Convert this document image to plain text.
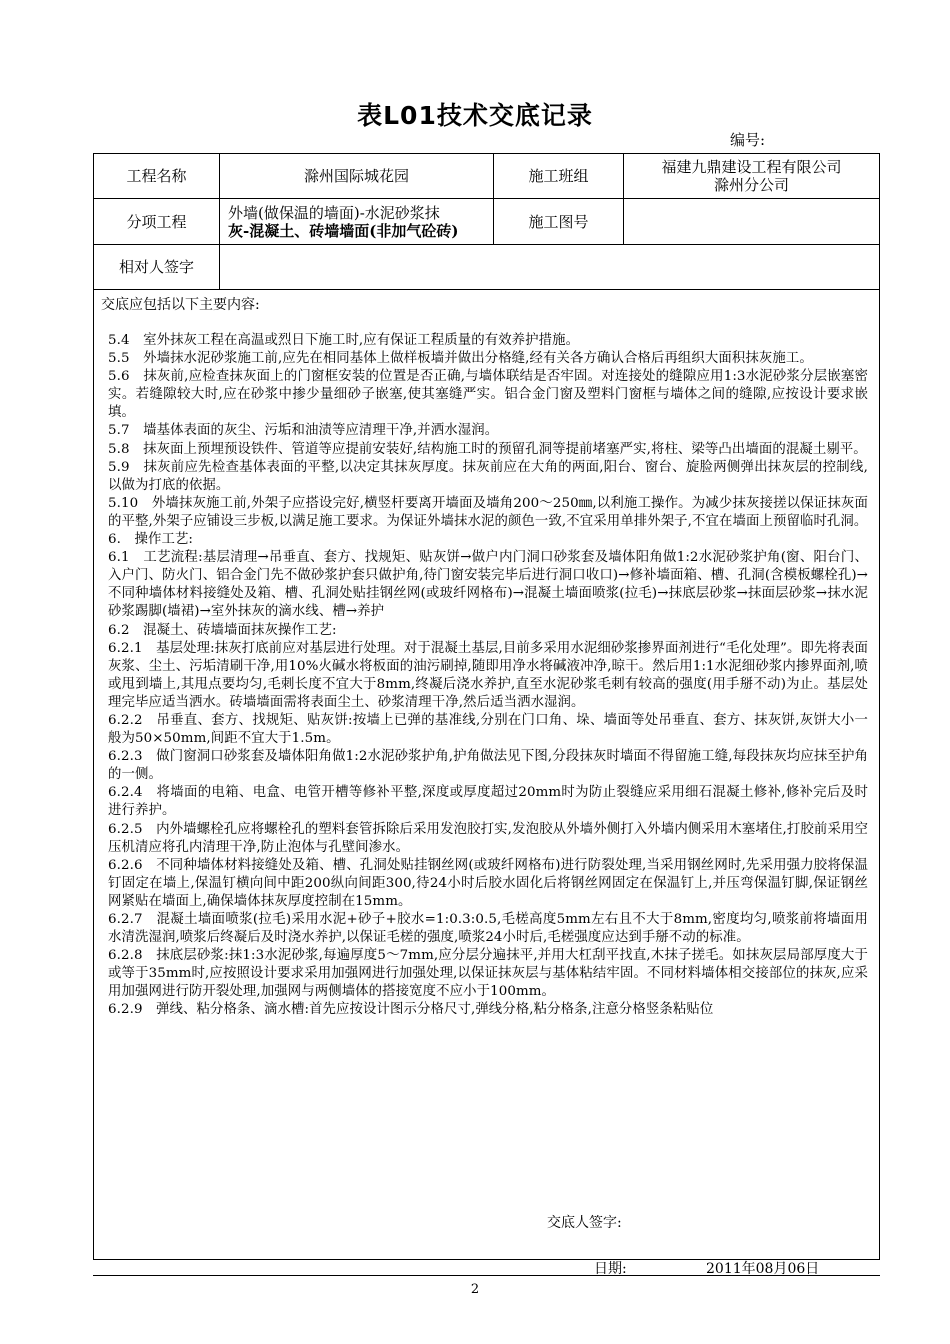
表L01技术交底记录
编号:
工程名称	滁州国际城花园	施工班组	福建九鼎建设工程有限公司
滁州分公司
分项工程	外墙(做保温的墙面)-水泥砂浆抹
灰-混凝土、砖墙墙面(非加气砼砖)	施工图号
相对人签字
交底应包括以下主要内容:

5.4　室外抹灰工程在高温或烈日下施工时,应有保证工程质量的有效养护措施。

5.5　外墙抹水泥砂浆施工前,应先在相同基体上做样板墙并做出分格缝,经有关各方确认合格后再组织大面积抹灰施工。

5.6　抹灰前,应检查抹灰面上的门窗框安装的位置是否正确,与墙体联结是否牢固。对连接处的缝隙应用1:3水泥砂浆分层嵌塞密实。若缝隙较大时,应在砂浆中掺少量细砂子嵌塞,使其塞缝严实。铝合金门窗及塑料门窗框与墙体之间的缝隙,应按设计要求嵌填。

5.7　墙基体表面的灰尘、污垢和油渍等应清理干净,并洒水湿润。

5.8　抹灰面上预埋预设铁件、管道等应提前安装好,结构施工时的预留孔洞等提前堵塞严实,将柱、梁等凸出墙面的混凝土剔平。

5.9　抹灰前应先检查基体表面的平整,以决定其抹灰厚度。抹灰前应在大角的两面,阳台、窗台、旋脸两侧弹出抹灰层的控制线,以做为打底的依据。

5.10　外墙抹灰施工前,外架子应搭设完好,横竖杆要离开墙面及墙角200～250㎜,以利施工操作。为减少抹灰接搓以保证抹灰面的平整,外架子应铺设三步板,以满足施工要求。为保证外墙抹水泥的颜色一致,不宜采用单排外架子,不宜在墙面上预留临时孔洞。

6.　操作工艺:

6.1　工艺流程:基层清理→吊垂直、套方、找规矩、贴灰饼→做户内门洞口砂浆套及墙体阳角做1:2水泥砂浆护角(窗、阳台门、入户门、防火门、铝合金门先不做砂浆护套只做护角,待门窗安装完毕后进行洞口收口)→修补墙面箱、槽、孔洞(含模板螺栓孔)→不同种墙体材料接缝处及箱、槽、孔洞处贴挂钢丝网(或玻纤网格布)→混凝土墙面喷浆(拉毛)→抹底层砂浆→抹面层砂浆→抹水泥砂浆踢脚(墙裙)→室外抹灰的滴水线、槽→养护

6.2　混凝土、砖墙墙面抹灰操作工艺:

6.2.1　基层处理:抹灰打底前应对基层进行处理。对于混凝土基层,目前多采用水泥细砂浆掺界面剂进行“毛化处理”。即先将表面灰浆、尘土、污垢清刷干净,用10%火碱水将板面的油污刷掉,随即用净水将碱液冲净,晾干。然后用1:1水泥细砂浆内掺界面剂,喷或甩到墙上,其甩点要均匀,毛刺长度不宜大于8mm,终凝后浇水养护,直至水泥砂浆毛刺有较高的强度(用手掰不动)为止。基层处理完毕应适当洒水。砖墙墙面需将表面尘土、砂浆清理干净,然后适当洒水湿润。

6.2.2　吊垂直、套方、找规矩、贴灰饼:按墙上已弹的基准线,分别在门口角、垛、墙面等处吊垂直、套方、抹灰饼,灰饼大小一般为50×50mm,间距不宜大于1.5m。

6.2.3　做门窗洞口砂浆套及墙体阳角做1:2水泥砂浆护角,护角做法见下图,分段抹灰时墙面不得留施工缝,每段抹灰均应抹至护角的一侧。

6.2.4　将墙面的电箱、电盒、电管开槽等修补平整,深度或厚度超过20mm时为防止裂缝应采用细石混凝土修补,修补完后及时进行养护。

6.2.5　内外墙螺栓孔应将螺栓孔的塑料套管拆除后采用发泡胶打实,发泡胶从外墙外侧打入外墙内侧采用木塞堵住,打胶前采用空压机清应将孔内清理干净,防止泡体与孔壁间渗水。

6.2.6　不同种墙体材料接缝处及箱、槽、孔洞处贴挂钢丝网(或玻纤网格布)进行防裂处理,当采用钢丝网时,先采用强力胶将保温钉固定在墙上,保温钉横向间中距200纵向间距300,待24小时后胶水固化后将钢丝网固定在保温钉上,并压弯保温钉脚,保证钢丝网紧贴在墙面上,确保墙体抹灰厚度控制在15mm。

6.2.7　混凝土墙面喷浆(拉毛)采用水泥+砂子+胶水=1:0.3:0.5,毛槎高度5mm左右且不大于8mm,密度均匀,喷浆前将墙面用水清洗湿润,喷浆后终凝后及时浇水养护,以保证毛槎的强度,喷浆24小时后,毛槎强度应达到手掰不动的标准。

6.2.8　抹底层砂浆:抹1:3水泥砂浆,每遍厚度5～7mm,应分层分遍抹平,并用大杠刮平找直,木抹子搓毛。如抹灰层局部厚度大于或等于35mm时,应按照设计要求采用加强网进行加强处理,以保证抹灰层与基体粘结牢固。不同材料墙体相交接部位的抹灰,应采用加强网进行防开裂处理,加强网与两侧墙体的搭接宽度不应小于100mm。

6.2.9　弹线、粘分格条、滴水槽:首先应按设计图示分格尺寸,弹线分格,粘分格条,注意分格竖条粘贴位

交底人签字:
日期:	2011年08月06日
2
